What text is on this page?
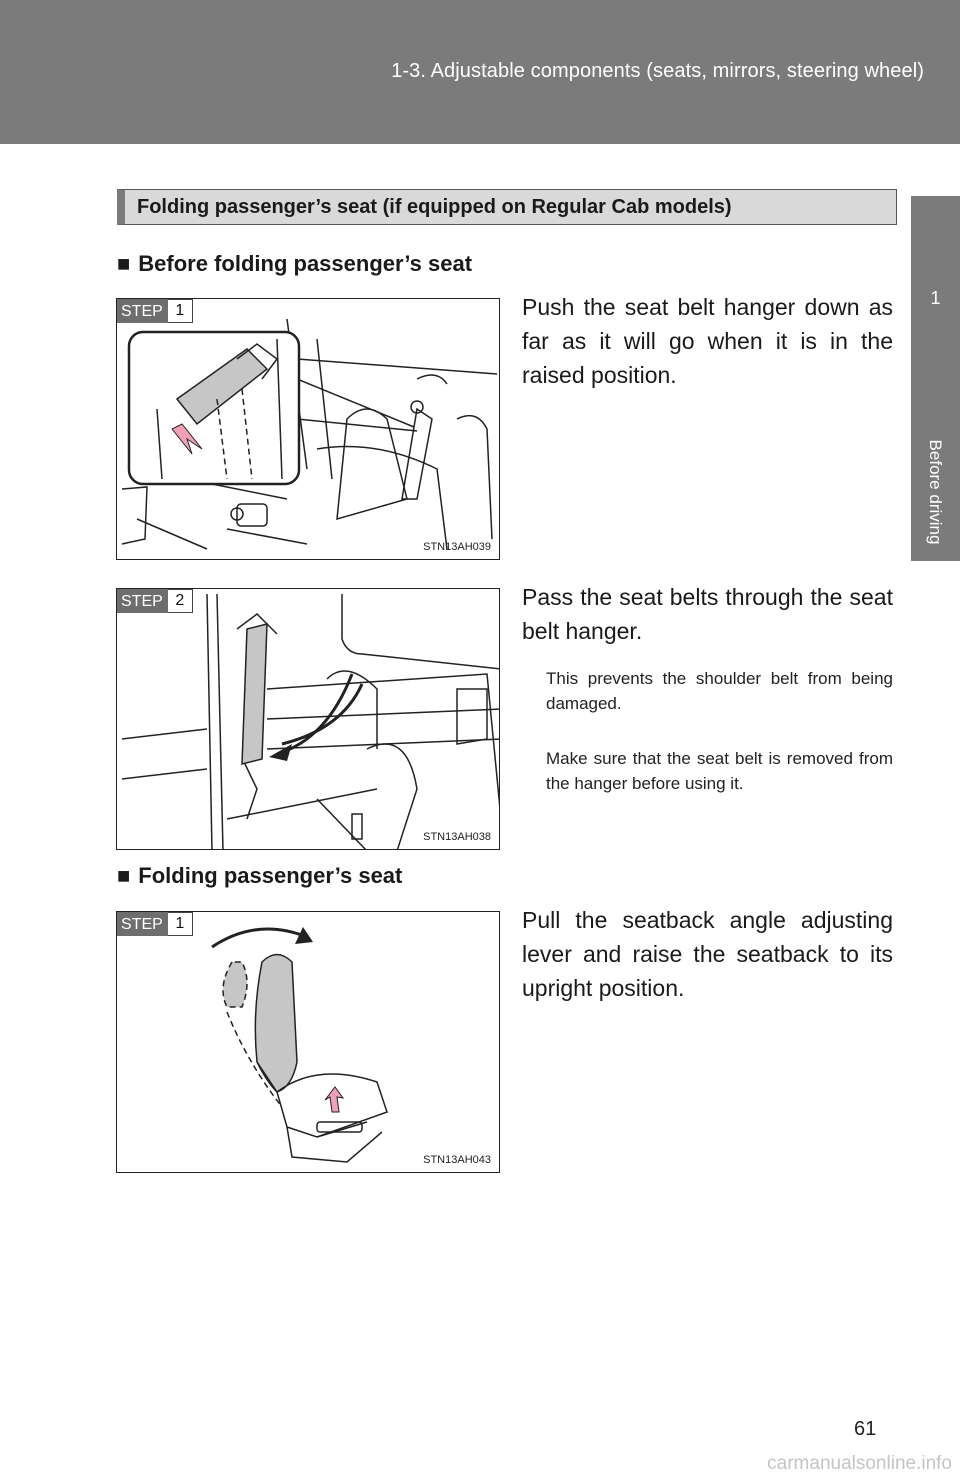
1-3. Adjustable components (seats, mirrors, steering wheel)
1
Before driving
Folding passenger’s seat (if equipped on Regular Cab models)
■ Before folding passenger’s seat
STEP 1
STN13AH039
Push the seat belt hanger down as far as it will go when it is in the raised position.
STEP 2
STN13AH038
Pass the seat belts through the seat belt hanger.
This prevents the shoulder belt from being damaged.
Make sure that the seat belt is removed from the hanger before using it.
■ Folding passenger’s seat
STEP 1
STN13AH043
Pull the seatback angle adjusting lever and raise the seatback to its upright position.
61
carmanualsonline.info
